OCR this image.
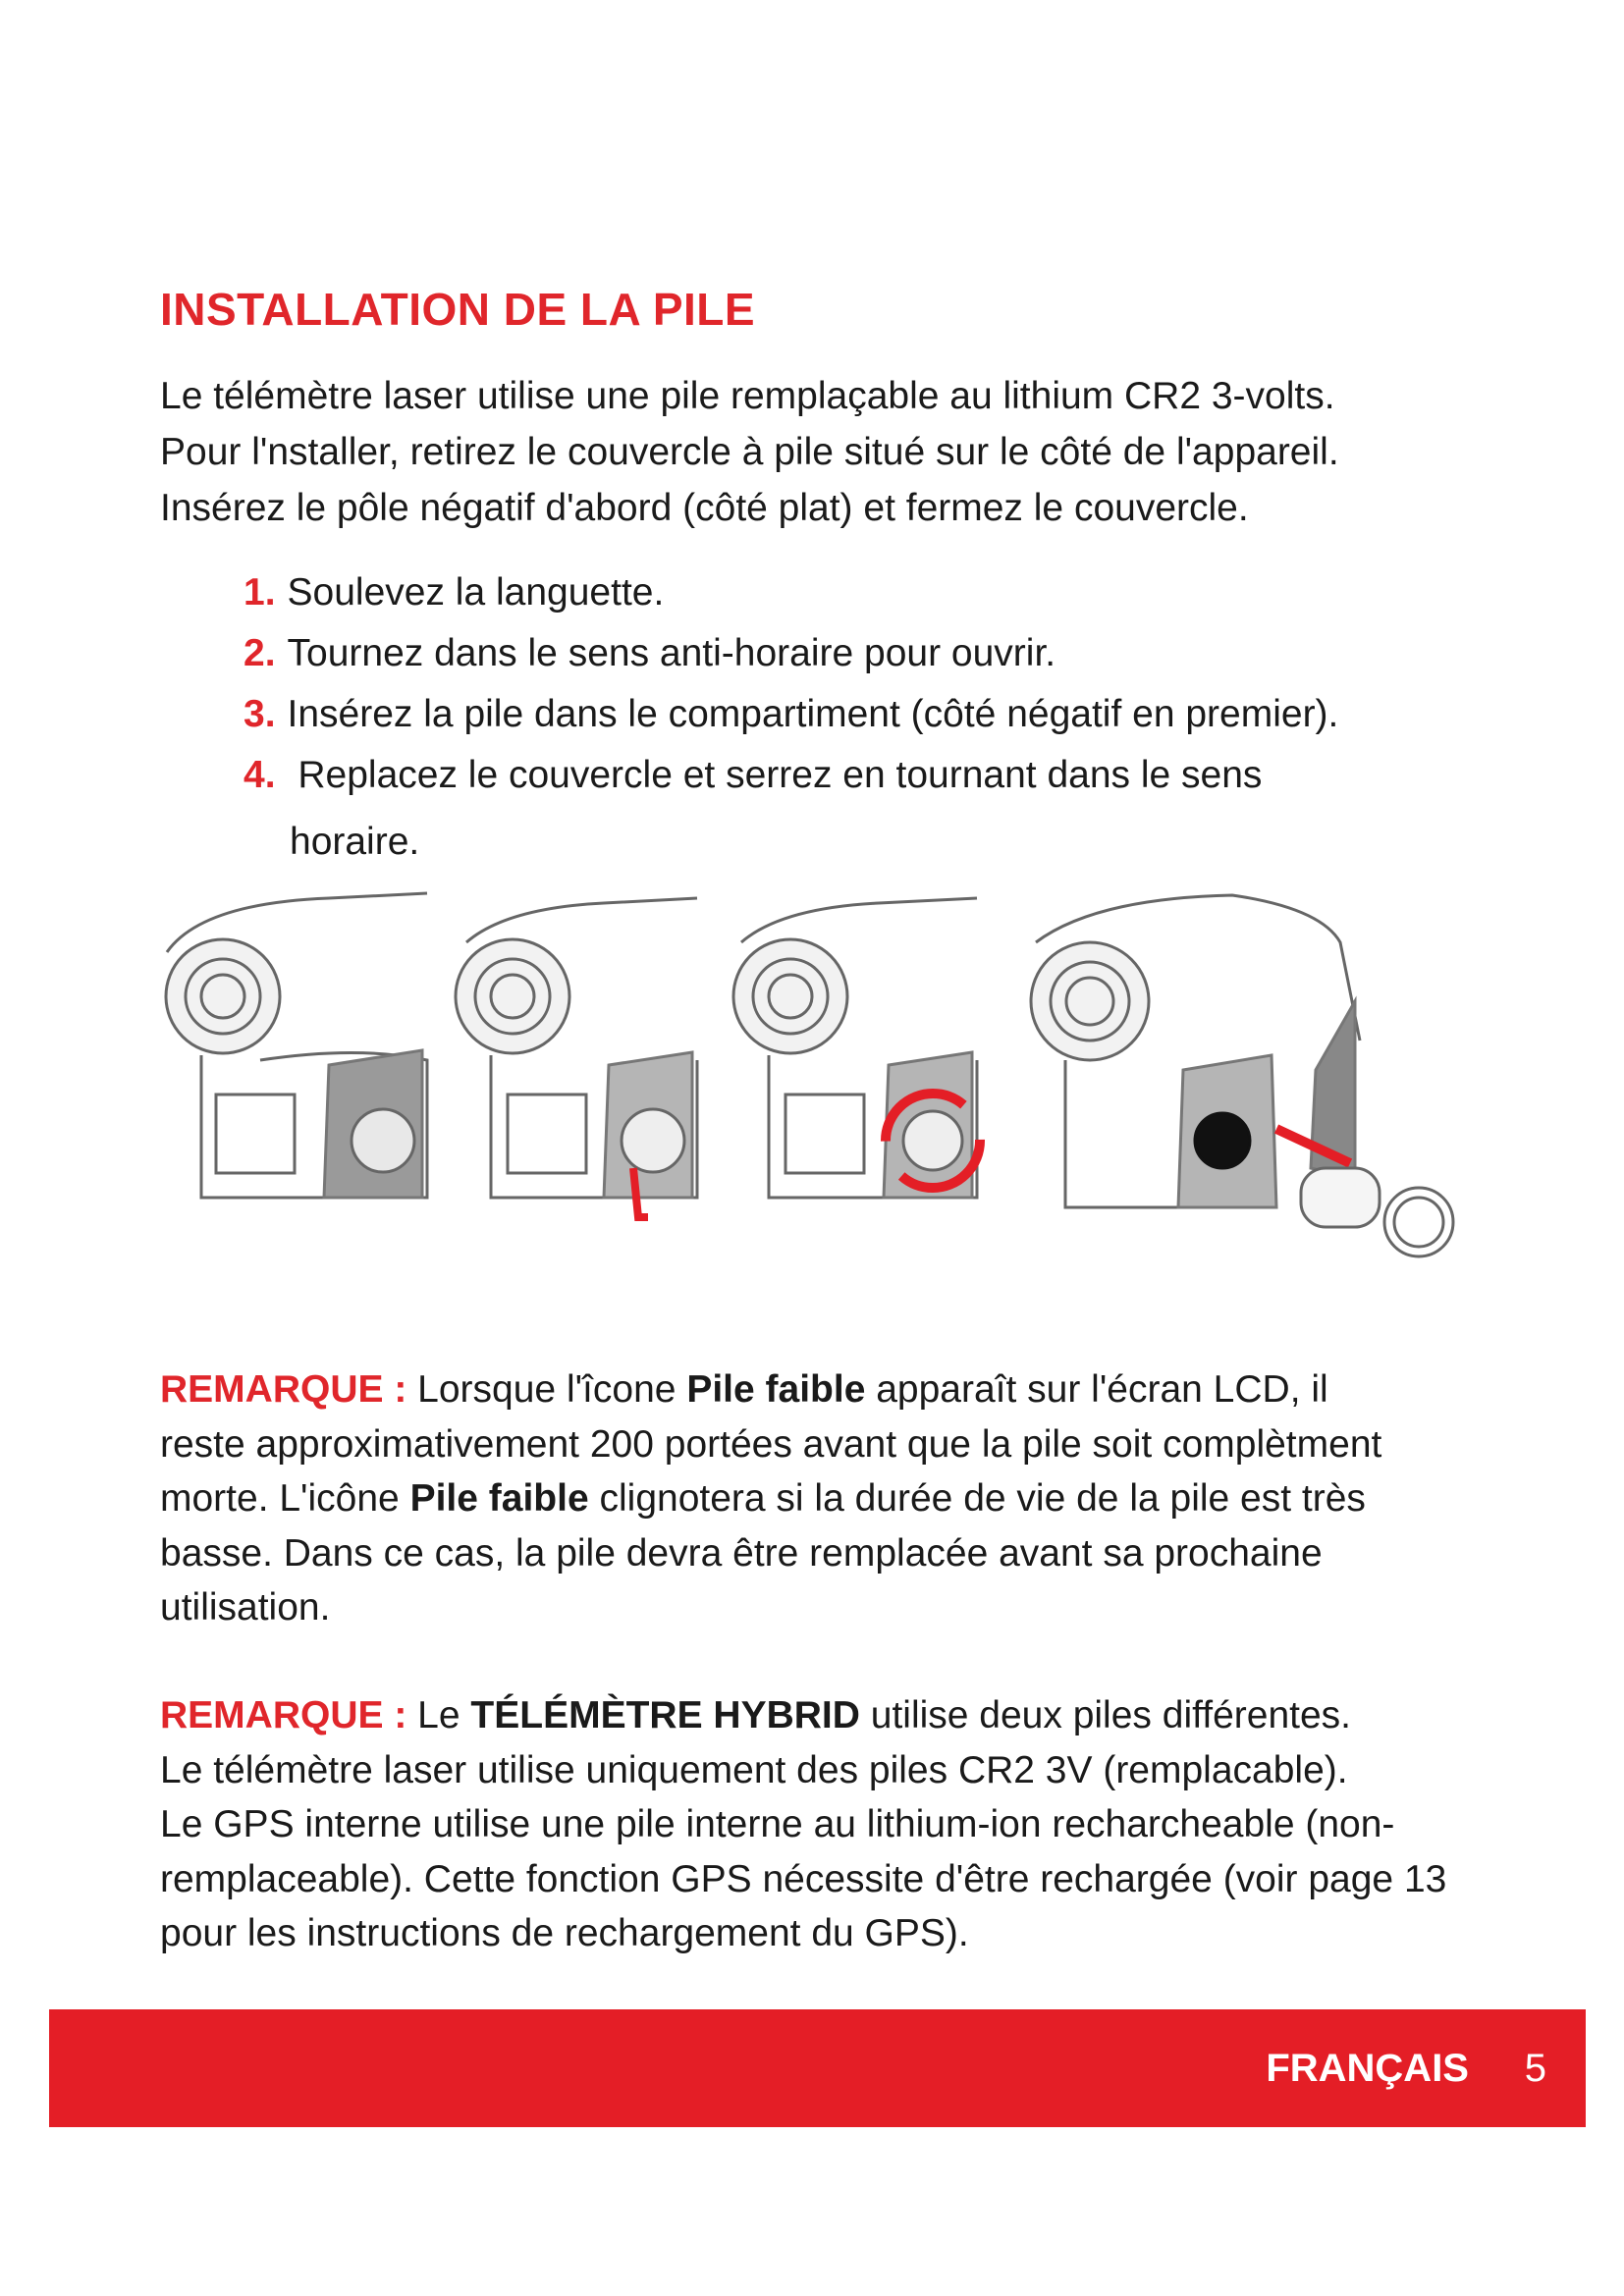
INSTALLATION DE LA PILE
Le télémètre laser utilise une pile remplaçable au lithium CR2 3-volts.
Pour l'nstaller, retirez le couvercle à pile situé sur le côté de l'appareil.
Insérez le pôle négatif d'abord (côté plat) et fermez le couvercle.
1. Soulevez la languette.
2. Tournez dans le sens anti-horaire pour ouvrir.
3. Insérez la pile dans le compartiment (côté négatif en premier).
4. Replacez le couvercle et serrez en tournant dans le sens
horaire.
REMARQUE : Lorsque l'îcone Pile faible apparaît sur l'écran LCD, il
reste approximativement 200 portées avant que la pile soit complètment
morte. L'icône Pile faible clignotera si la durée de vie de la pile est très
basse. Dans ce cas, la pile devra être remplacée avant sa prochaine
utilisation.
REMARQUE : Le TÉLÉMÈTRE HYBRID utilise deux piles différentes.
Le télémètre laser utilise uniquement des piles CR2 3V (remplacable).
Le GPS interne utilise une pile interne au lithium-ion recharcheable (non-
remplaceable). Cette fonction GPS nécessite d'être rechargée (voir page 13
pour les instructions de rechargement du GPS).
FRANÇAIS 5
